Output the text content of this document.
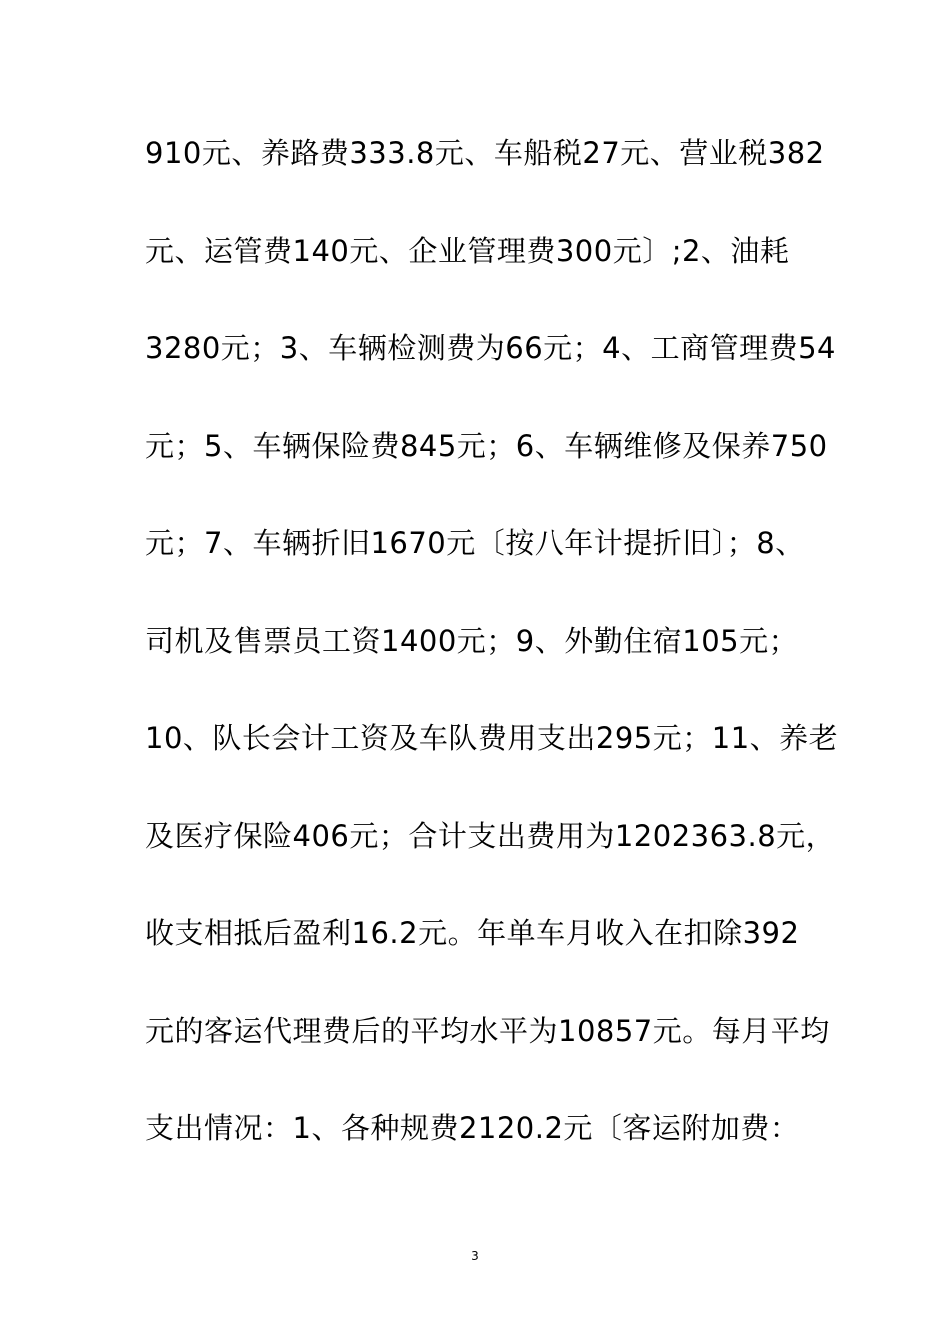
910元、养路费333.8元、车船税27元、营业税382
元、运管费140元、企业管理费300元〕;2、油耗
3280元；3、车辆检测费为66元；4、工商管理费54
元；5、车辆保险费845元；6、车辆维修及保养750
元；7、车辆折旧1670元〔按八年计提折旧〕；8、
司机及售票员工资1400元；9、外勤住宿105元；
10、队长会计工资及车队费用支出295元；11、养老
及医疗保险406元；合计支出费用为1202363.8元，
收支相抵后盈利16.2元。年单车月收入在扣除392
元的客运代理费后的平均水平为10857元。每月平均
支出情况：1、各种规费2120.2元〔客运附加费：
3
